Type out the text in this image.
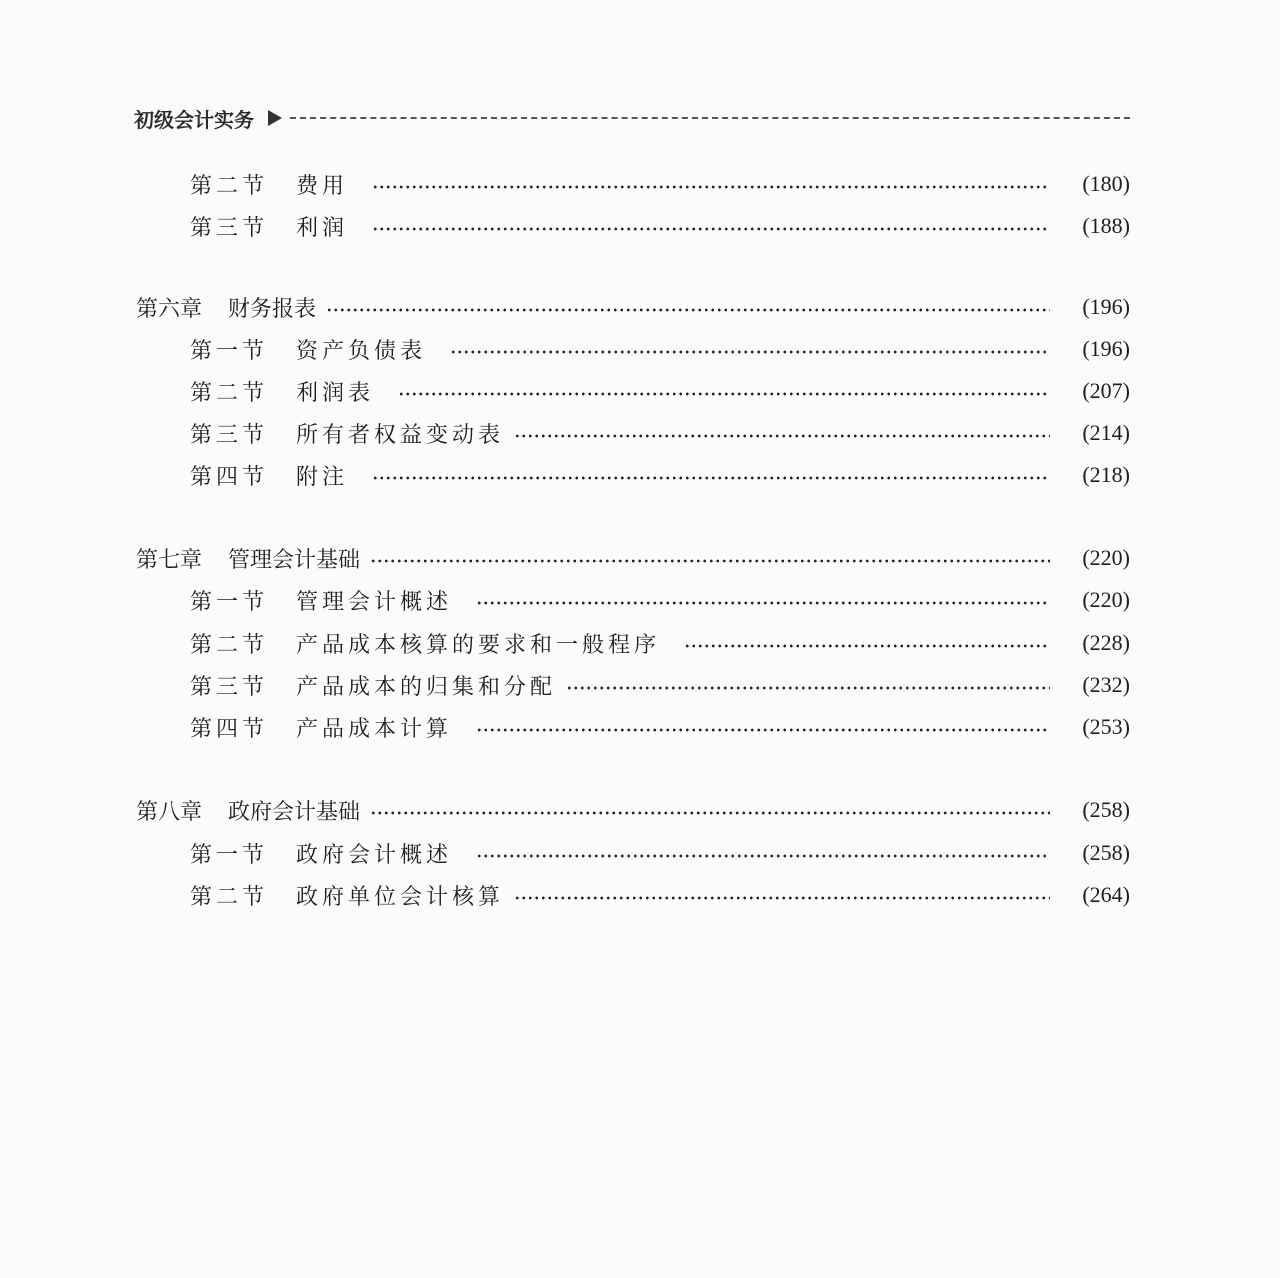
初级会计实务
第二节 费用	(180)
第三节 利润	(188)
第六章 财务报表	(196)
第一节 资产负债表	(196)
第二节 利润表	(207)
第三节 所有者权益变动表	(214)
第四节 附注	(218)
第七章 管理会计基础	(220)
第一节 管理会计概述	(220)
第二节 产品成本核算的要求和一般程序	(228)
第三节 产品成本的归集和分配	(232)
第四节 产品成本计算	(253)
第八章 政府会计基础	(258)
第一节 政府会计概述	(258)
第二节 政府单位会计核算	(264)
